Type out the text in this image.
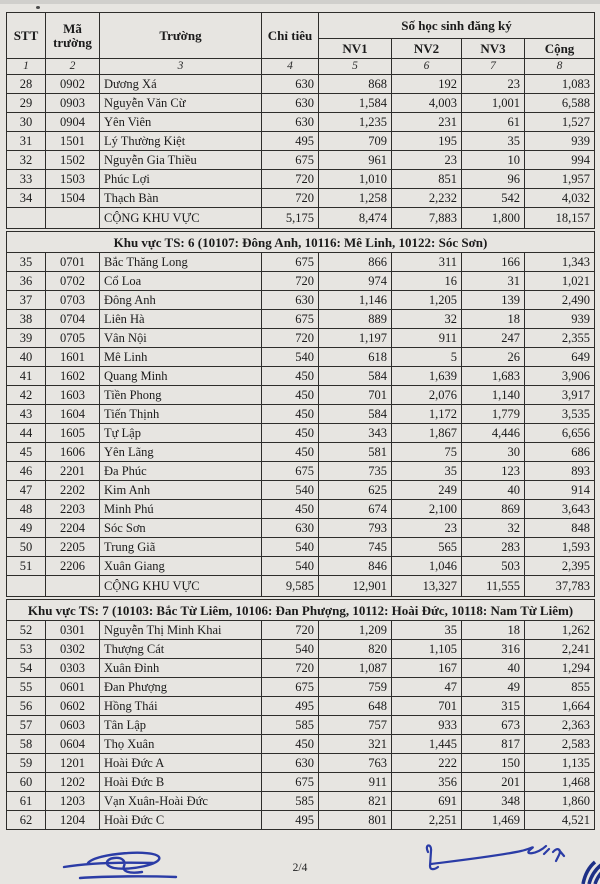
STT	Mã trường	Trường	Chỉ tiêu	Số học sinh đăng ký			
				NV1	NV2	NV3	Cộng
1	2	3	4	5	6	7	8
28	0902	Dương Xá	630	868	192	23	1,083
29	0903	Nguyễn Văn Cừ	630	1,584	4,003	1,001	6,588
30	0904	Yên Viên	630	1,235	231	61	1,527
31	1501	Lý Thường Kiệt	495	709	195	35	939
32	1502	Nguyễn Gia Thiều	675	961	23	10	994
33	1503	Phúc Lợi	720	1,010	851	96	1,957
34	1504	Thạch Bàn	720	1,258	2,232	542	4,032
		CỘNG KHU VỰC	5,175	8,474	7,883	1,800	18,157

Khu vực TS: 6 (10107: Đông Anh, 10116: Mê Linh, 10122: Sóc Sơn)							
35	0701	Bắc Thăng Long	675	866	311	166	1,343
36	0702	Cổ Loa	720	974	16	31	1,021
37	0703	Đông Anh	630	1,146	1,205	139	2,490
38	0704	Liên Hà	675	889	32	18	939
39	0705	Vân Nội	720	1,197	911	247	2,355
40	1601	Mê Linh	540	618	5	26	649
41	1602	Quang Minh	450	584	1,639	1,683	3,906
42	1603	Tiền Phong	450	701	2,076	1,140	3,917
43	1604	Tiến Thịnh	450	584	1,172	1,779	3,535
44	1605	Tự Lập	450	343	1,867	4,446	6,656
45	1606	Yên Lãng	450	581	75	30	686
46	2201	Đa Phúc	675	735	35	123	893
47	2202	Kim Anh	540	625	249	40	914
48	2203	Minh Phú	450	674	2,100	869	3,643
49	2204	Sóc Sơn	630	793	23	32	848
50	2205	Trung Giã	540	745	565	283	1,593
51	2206	Xuân Giang	540	846	1,046	503	2,395
		CỘNG KHU VỰC	9,585	12,901	13,327	11,555	37,783

Khu vực TS: 7 (10103: Bắc Từ Liêm, 10106: Đan Phượng, 10112: Hoài Đức, 10118: Nam Từ Liêm)							
52	0301	Nguyễn Thị Minh Khai	720	1,209	35	18	1,262
53	0302	Thượng Cát	540	820	1,105	316	2,241
54	0303	Xuân Đỉnh	720	1,087	167	40	1,294
55	0601	Đan Phượng	675	759	47	49	855
56	0602	Hồng Thái	495	648	701	315	1,664
57	0603	Tân Lập	585	757	933	673	2,363
58	0604	Thọ Xuân	450	321	1,445	817	2,583
59	1201	Hoài Đức A	630	763	222	150	1,135
60	1202	Hoài Đức B	675	911	356	201	1,468
61	1203	Vạn Xuân-Hoài Đức	585	821	691	348	1,860
62	1204	Hoài Đức C	495	801	2,251	1,469	4,521
2/4
